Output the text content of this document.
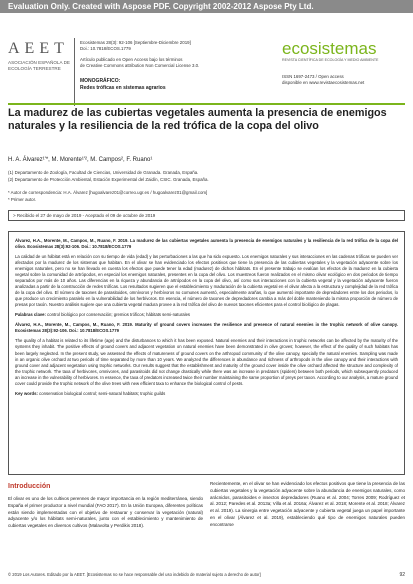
Evaluation Only. Created with Aspose PDF. Copyright 2002-2012 Aspose Pty Ltd.
AEET
ASOCIACIÓN ESPAÑOLA DE ECOLOGÍA TERRESTRE
Ecosistemas 28(3): 92-106 [Septiembre-Diciembre 2019]
Doi.: 10.7818/ECOS.1779
Artículo publicado en Open Access bajo los términos
de Creative Commons attribution Non Comercial License 3.0.
MONOGRÁFICO:
Redes tróficas en sistemas agrarios
ecosistemas
REVISTA CIENTÍFICA DE ECOLOGÍA Y MEDIO AMBIENTE
ISSN 1697-2473 / Open access
disponible en www.revistaecosistemas.net
La madurez de las cubiertas vegetales aumenta la presencia de enemigos naturales y la resiliencia de la red trófica de la copa del olivo
H. A. Álvarez¹'*, M. Morente¹'², M. Campos², F. Ruano¹
(1) Departamento de Zoología, Facultad de Ciencias, Universidad de Granada. Granada, España.
(2) Departamento de Protección Ambiental, Estación Experimental del Zaidín, CSIC. Granada, España.
* Autor de correspondencia: H.A. Álvarez [hugoalvarez01@correo.ugr.es / hugoalvarez01@gmail.com]
* Primer autor.
> Recibido el 27 de mayo de 2019 - Aceptado el 09 de octubre de 2019

Álvarez, H.A., Morente, M., Campos, M., Ruano, F. 2019. La madurez de las cubiertas vegetales aumenta la presencia de enemigos naturales y la resiliencia de la red trófica de la copa del olivo. Ecosistemas 28(3):92-106. Doi.: 10.7818/ECOS.1779

La calidad de un hábitat está en relación con su tiempo de vida (edad) y las perturbaciones a las que ha sido expuesto. Los enemigos naturales y sus interacciones en las cadenas tróficas se pueden ver afectados por la madurez de los sistemas que habitan. En el olivar se han evidenciado los efectos positivos que tiene la presencia de las cubiertas vegetales y la vegetación adyacente sobre los enemigos naturales, pero no se han llevado en cuenta los efectos que puede tener la edad (madurez) de dichos hábitats. En el presente trabajo se evalúan los efectos de la madurez en la cubierta vegetal sobre la comunidad de artrópodos, en especial los enemigos naturales, presentes en la copa del olivo. Los muestreos fueron realizados en el mismo olivar ecológico en dos periodos de tiempo separados por más de 10 años. Las diferencias en la riqueza y abundancia de artrópodos en la copa del olivo, así como sus interacciones con la cubierta vegetal y la vegetación adyacente fueron analizadas a partir de la construcción de redes tróficas. Los resultados sugieren que el establecimiento y maduración de la cubierta vegetal en el olivar afecta a la estructura y complejidad de la red trófica de la copa del olivo. El número de taxones de parasitoides, omnívoros y herbívoros no comunes aumentó, especialmente arañas, lo que aumentó importante de depredadores entre los dos periodos, lo que produce un crecimiento paralelo en la vulnerabilidad de los herbívoros. En esencia, el número de taxones de depredadores cambia a más del doble manteniendo la misma proporción de número de presas por taxón. Nuestro análisis sugiere que una cubierta vegetal madura provee a la red trófica del olivo de nuevos taxones eficientes para el control biológico de plagas.

Palabras clave: control biológico por conservación; gremios tróficos; hábitats semi-naturales

Álvarez, H.A., Morente, M., Campos, M., Ruano, F. 2019. Maturity of ground covers increases the resilience and presence of natural enemies in the trophic network of olive canopy. Ecosistemas 28(3):92-106. Doi.: 10.7818/ECOS.1779

The quality of a habitat is related to its lifetime (age) and the disturbances to which it has been exposed. Natural enemies and their interactions in trophic networks can be affected by the maturity of the systems they inhabit. The positive effects of ground covers and adjacent vegetation on natural enemies have been demonstrated in olive groves; however, the effect of the quality of such habitats has been largely neglected. In the present study, we assessed the effects of matureness of ground covers on the arthropod community of the olive canopy, specially the natural enemies. Sampling was made in an organic olive orchard at two periods of time separated by more than 10 years. We analyzed the differences in abundance and richness of arthropods in the olive canopy and their interactions with ground cover and adjacent vegetation using trophic networks. Our results suggest that the establishment and maturity of the ground cover inside the olive orchard affected the structure and complexity of the trophic network. The taxa of herbivores, omnivores, and parasitoids did not change drastically while there was an increase in predators (spiders) between both periods, which subsequently produced an increase in the vulnerability of herbivores. In essence, the taxa of predators increased twice their number maintaining the same proportion of preys per taxon. According to our analysis, a mature ground cover could provide the trophic network of the olive trees with new efficient taxa to enhance the biological control of pests.

Key words: conservation biological control; semi-natural habitats; trophic guilds

Introducción
El olivar es uno de los cultivos perennes de mayor importancia en la región mediterránea, siendo España el primer productor a nivel mundial (FAO 2017). En la Unión Europea, diferentes políticas están siendo implementadas con el objetivo de restaurar y conservar la vegetación (natural) adyacente y/o los hábitats semi-naturales, junto con el establecimiento y mantenimiento de cubiertas vegetales en diversos cultivos (Malavolta y Perdikis 2018).
Recientemente, en el olivar se han evidenciado los efectos positivos que tiene la presencia de las cubiertas vegetales y la vegetación adyacente sobre la abundancia de enemigos naturales, como arácnidos, parasitoides e insectos depredadores (Ruano et al. 2004; Torres 2009; Rodríguez et al. 2012; Paredes et al. 2013a; Villa et al. 2016a; Álvarez et al. 2018; Morente et al. 2018; Álvarez et al. 2019). La sinergia entre vegetación adyacente y cubierta vegetal juega un papel importante en el olivar (Álvarez et al. 2019), estableciendo qué tipo de enemigos naturales pueden encontrarse
© 2019 Los Autores. Editado por la AEET. [Ecosistemas no se hace responsable del uso indebido de material sujeto a derecho de autor]	92
